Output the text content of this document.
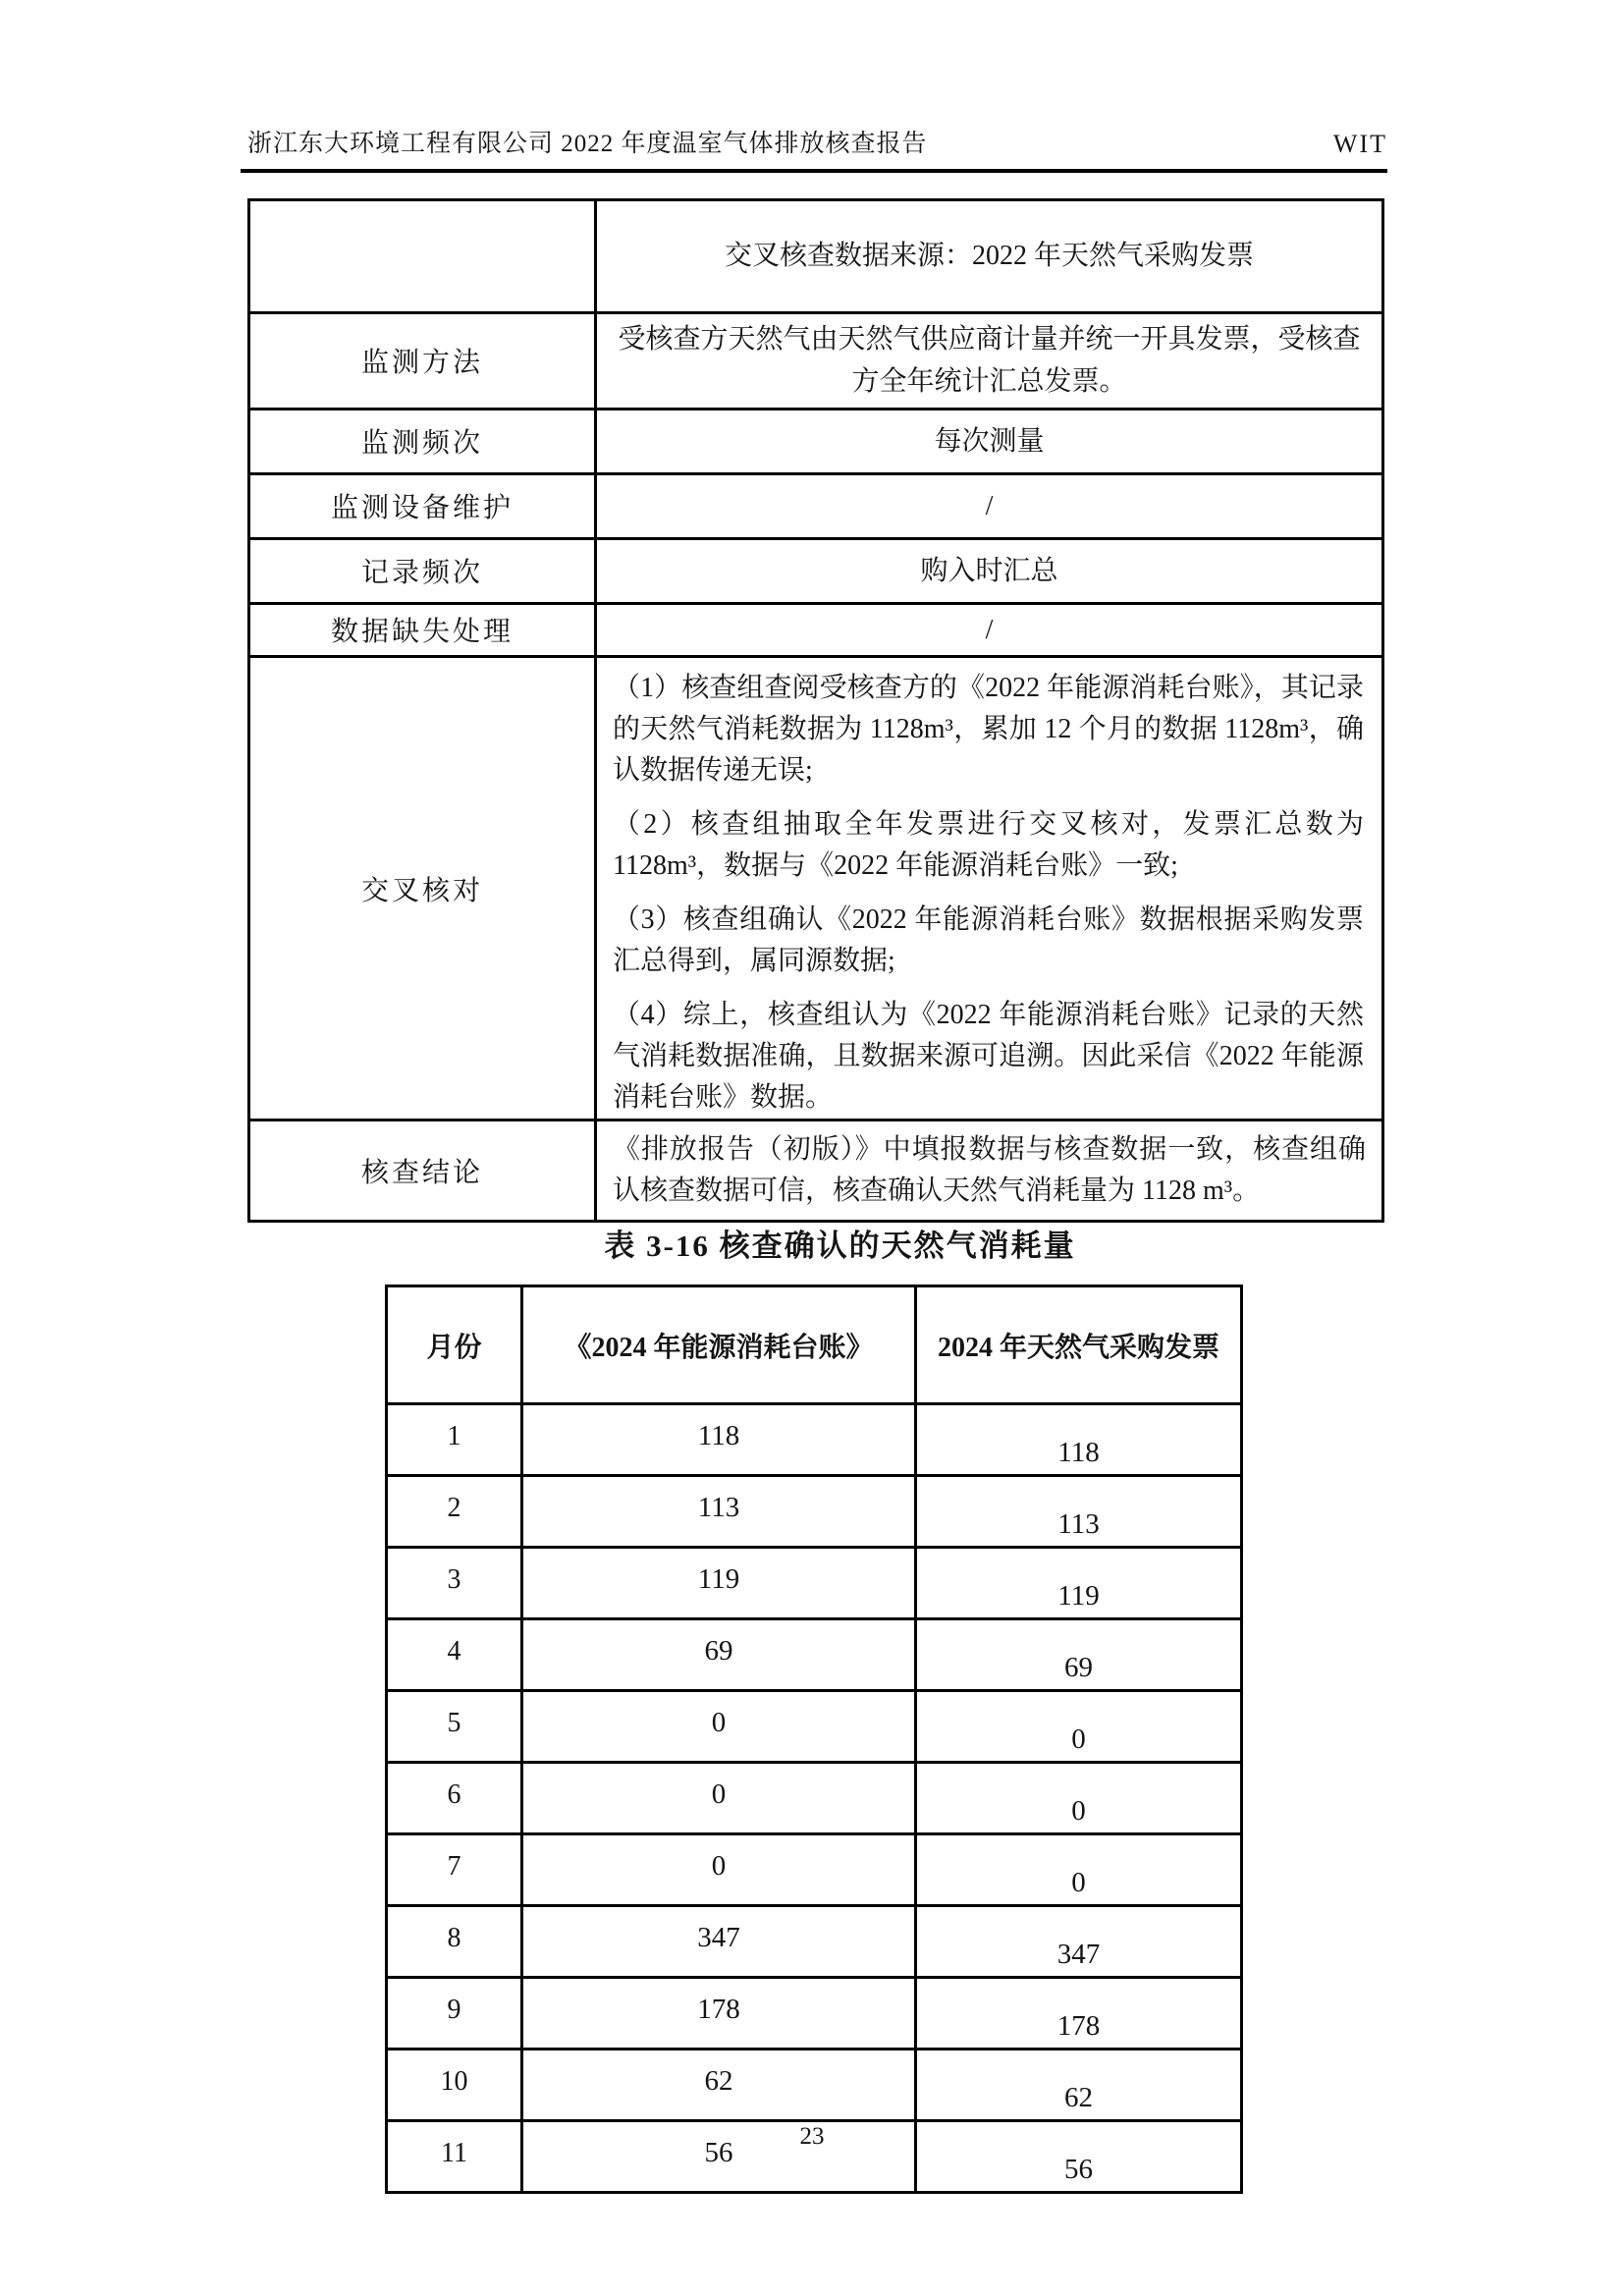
浙江东大环境工程有限公司 2022 年度温室气体排放核查报告	WIT
	交叉核查数据来源：2022 年天然气采购发票
监测方法	受核查方天然气由天然气供应商计量并统一开具发票，受核查方全年统计汇总发票。
监测频次	每次测量
监测设备维护	/
记录频次	购入时汇总
数据缺失处理	/
交叉核对	（1）核查组查阅受核查方的《2022 年能源消耗台账》，其记录的天然气消耗数据为 1128m³，累加 12 个月的数据 1128m³，确认数据传递无误;

（2）核查组抽取全年发票进行交叉核对，发票汇总数为 1128m³，数据与《2022 年能源消耗台账》一致;

（3）核查组确认《2022 年能源消耗台账》数据根据采购发票汇总得到，属同源数据;

（4）综上，核查组认为《2022 年能源消耗台账》记录的天然气消耗数据准确，且数据来源可追溯。因此采信《2022 年能源消耗台账》数据。

核查结论	《排放报告（初版）》中填报数据与核查数据一致，核查组确认核查数据可信，核查确认天然气消耗量为 1128 m³。
表 3-16 核查确认的天然气消耗量
月份	《2024 年能源消耗台账》	2024 年天然气采购发票
1	118	118
2	113	113
3	119	119
4	69	69
5	0	0
6	0	0
7	0	0
8	347	347
9	178	178
10	62	62
11	56	56
23
